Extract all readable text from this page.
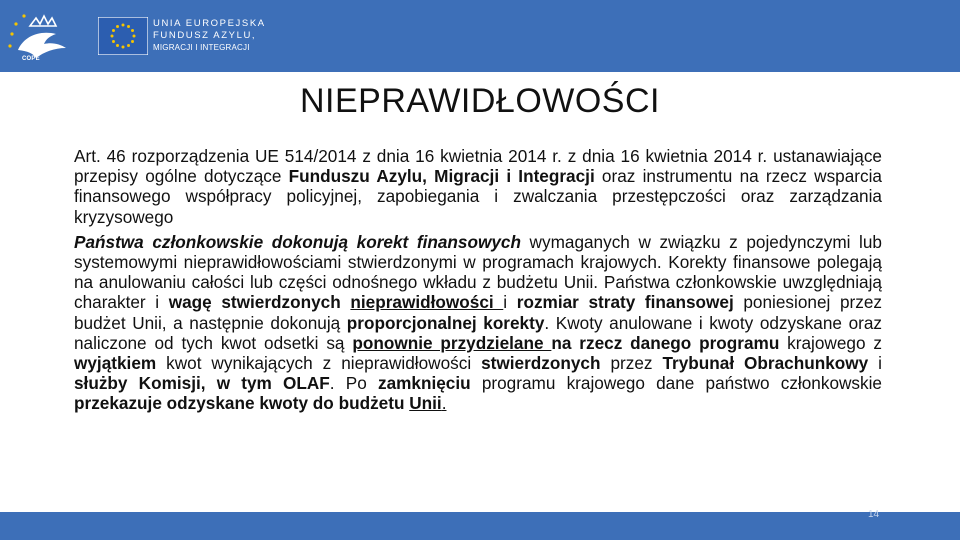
COPE
UNIA EUROPEJSKA
FUNDUSZ AZYLU,
MIGRACJI I INTEGRACJI
NIEPRAWIDŁOWOŚCI

Art. 46 rozporządzenia UE 514/2014 z dnia 16 kwietnia 2014 r. z dnia 16 kwietnia 2014 r. ustanawiające przepisy ogólne dotyczące Funduszu Azylu, Migracji i Integracji oraz instrumentu na rzecz wsparcia finansowego współpracy policyjnej, zapobiegania i zwalczania przestępczości oraz zarządzania kryzysowego

Państwa członkowskie dokonują korekt finansowych wymaganych w związku z pojedynczymi lub systemowymi nieprawidłowościami stwierdzonymi w programach krajowych. Korekty finansowe polegają na anulowaniu całości lub części odnośnego wkładu z budżetu Unii. Państwa członkowskie uwzględniają charakter i wagę stwierdzonych nieprawidłowości i rozmiar straty finansowej poniesionej przez budżet Unii, a następnie dokonują proporcjonalnej korekty. Kwoty anulowane i kwoty odzyskane oraz naliczone od tych kwot odsetki są ponownie przydzielane na rzecz danego programu krajowego z wyjątkiem kwot wynikających z nieprawidłowości stwierdzonych przez Trybunał Obrachunkowy i służby Komisji, w tym OLAF. Po zamknięciu programu krajowego dane państwo członkowskie przekazuje odzyskane kwoty do budżetu Unii.

14
